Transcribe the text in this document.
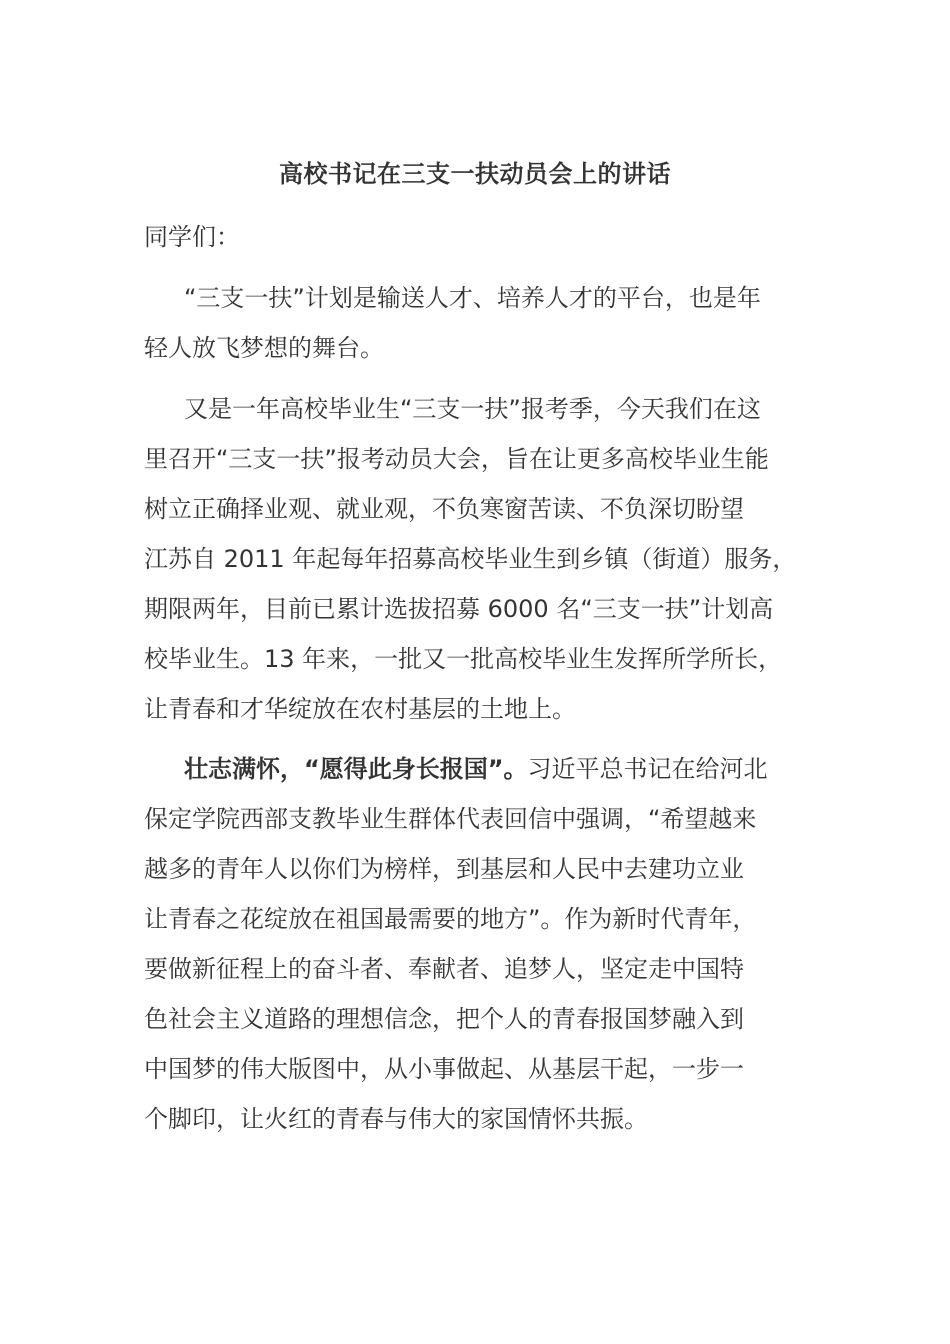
高校书记在三支一扶动员会上的讲话
同学们：
“三支一扶”计划是输送人才、培养人才的平台，也是年
轻人放飞梦想的舞台。
又是一年高校毕业生“三支一扶”报考季，今天我们在这
里召开“三支一扶”报考动员大会，旨在让更多高校毕业生能
树立正确择业观、就业观，不负寒窗苦读、不负深切盼望
江苏自 2011 年起每年招募高校毕业生到乡镇（街道）服务，
期限两年，目前已累计选拔招募 6000 名“三支一扶”计划高
校毕业生。13 年来，一批又一批高校毕业生发挥所学所长，
让青春和才华绽放在农村基层的土地上。
壮志满怀，“愿得此身长报国”。习近平总书记在给河北
保定学院西部支教毕业生群体代表回信中强调，“希望越来
越多的青年人以你们为榜样，到基层和人民中去建功立业
让青春之花绽放在祖国最需要的地方”。作为新时代青年，
要做新征程上的奋斗者、奉献者、追梦人，坚定走中国特
色社会主义道路的理想信念，把个人的青春报国梦融入到
中国梦的伟大版图中，从小事做起、从基层干起，一步一
个脚印，让火红的青春与伟大的家国情怀共振。
